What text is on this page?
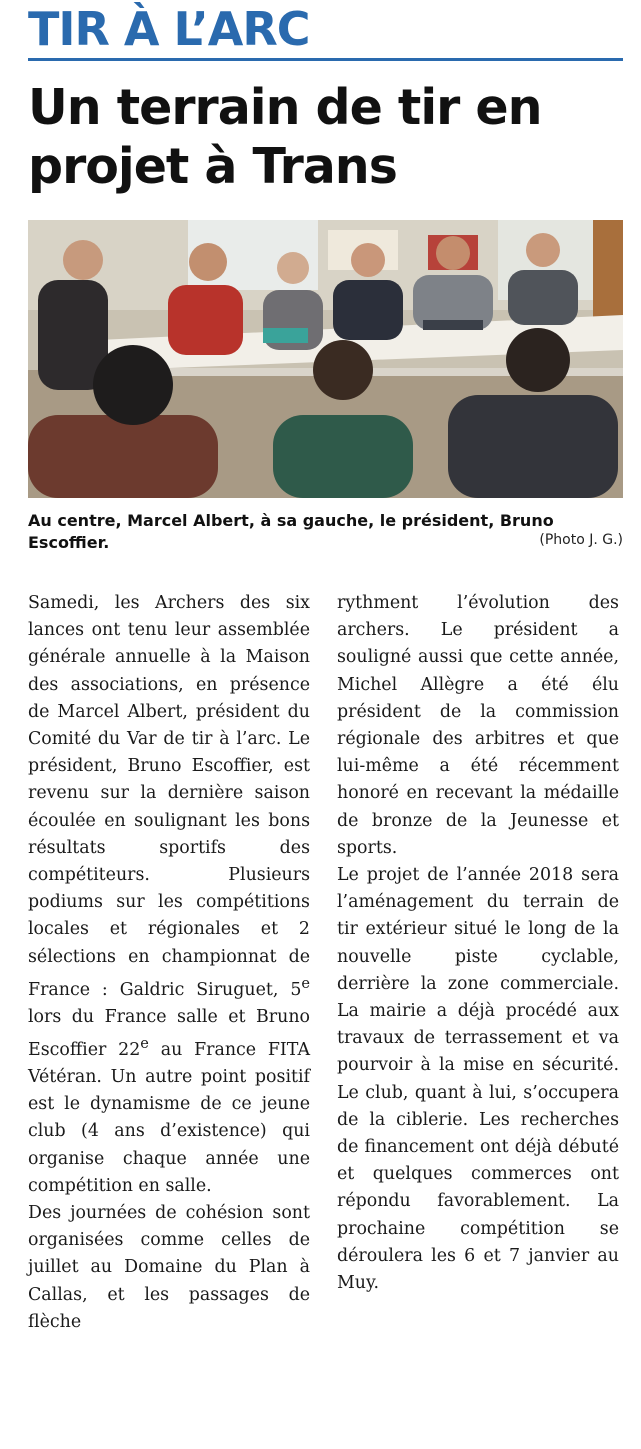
TIR À L’ARC
Un terrain de tir en projet à Trans
Au centre, Marcel Albert, à sa gauche, le président, Bruno Escoffier.	(Photo J. G.)

Samedi, les Archers des six lances ont tenu leur assemblée générale annuelle à la Maison des associations, en présence de Marcel Albert, président du Comité du Var de tir à l’arc. Le président, Bruno Escoffier, est revenu sur la dernière saison écoulée en soulignant les bons résultats sportifs des compétiteurs. Plusieurs podiums sur les compétitions locales et régionales et 2 sélections en championnat de France : Galdric Siruguet, 5e lors du France salle et Bruno Escoffier 22e au France FITA Vétéran. Un autre point positif est le dynamisme de ce jeune club (4 ans d’existence) qui organise chaque année une compétition en salle.

Des journées de cohésion sont organisées comme celles de juillet au Domaine du Plan à Callas, et les passages de flèche

rythment l’évolution des archers. Le président a souligné aussi que cette année, Michel Allègre a été élu président de la commission régionale des arbitres et que lui-même a été récemment honoré en recevant la médaille de bronze de la Jeunesse et sports.

Le projet de l’année 2018 sera l’aménagement du terrain de tir extérieur situé le long de la nouvelle piste cyclable, derrière la zone commerciale. La mairie a déjà procédé aux travaux de terrassement et va pourvoir à la mise en sécurité. Le club, quant à lui, s’occupera de la ciblerie. Les recherches de financement ont déjà débuté et quelques commerces ont répondu favorablement. La prochaine compétition se déroulera les 6 et 7 janvier au Muy.
